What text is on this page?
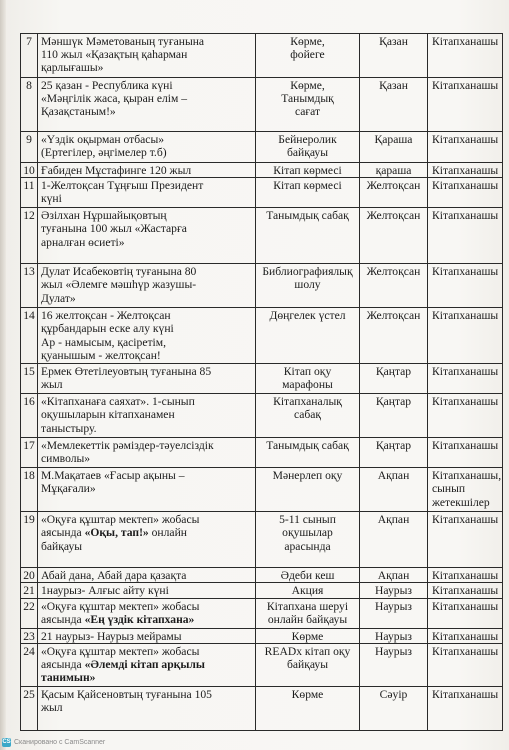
7	Мәншүк Мәметованың туғанына
110 жыл «Қазақтың қаһарман
қарлығашы»	Көрме,
фойеге	Қазан	Кітапханашы

8	25 қазан - Республика күні
«Мәңгілік жаса, қыран елім –
Қазақстаным!»	Көрме,
Танымдық
сағат	Қазан	Кітапханашы

9	«Үздік оқырман отбасы»
(Ертегілер, әңгімелер т.б)	Бейнеролик
байқауы	Қараша	Кітапханашы

10	Ғабиден Мұстафинге 120 жыл	Кітап көрмесі	қараша	Кітапханашы

11	1-Желтоқсан Тұңғыш Президент
күні	Кітап көрмесі	Желтоқсан	Кітапханашы

12	Әзілхан Нұршайықовтың
туғанына 100 жыл «Жастарға
арналған өсиеті»	Танымдық сабақ	Желтоқсан	Кітапханашы

13	Дулат Исабековтің туғанына 80
жыл «Әлемге мәшһүр жазушы-
Дулат»	Библиографиялық
шолу	Желтоқсан	Кітапханашы

14	16 желтоқсан - Желтоқсан
құрбандарын еске алу күні
Ар - намысым, қасіретім,
қуанышым - желтоқсан!	Дөңгелек үстел	Желтоқсан	Кітапханашы

15	Ермек Өтетілеуовтың туғанына 85
жыл	Кітап оқу
марафоны	Қаңтар	Кітапханашы

16	«Кітапханаға саяхат». 1-сынып
оқушыларын кітапханамен
таныстыру.	Кітапханалық
сабақ	Қаңтар	Кітапханашы

17	«Мемлекеттік рәміздер-тәуелсіздік
символы»	Танымдық сабақ	Қаңтар	Кітапханашы

18	М.Мақатаев «Ғасыр ақыны –
Мұқағали»	Мәнерлеп оқу	Ақпан	Кітапханашы,
сынып
жетекшілер

19	«Оқуға құштар мектеп» жобасы
аясында «Оқы, тап!» онлайн
байқауы	5-11 сынып
оқушылар
арасында	Ақпан	Кітапханашы

20	Абай дана, Абай дара қазақта	Әдеби кеш	Ақпан	Кітапханашы

21	1наурыз- Алғыс айту күні	Акция	Наурыз	Кітапханашы

22	«Оқуға құштар мектеп» жобасы
аясында «Ең үздік кітапхана»	Кітапхана шеруі
онлайн байқауы	Наурыз	Кітапханашы

23	21 наурыз- Наурыз мейрамы	Көрме	Наурыз	Кітапханашы

24	«Оқуға құштар мектеп» жобасы
аясында «Әлемді кітап арқылы
танимын»	READх кітап оқу
байқауы	Наурыз	Кітапханашы

25	Қасым Қайсеновтың туғанына 105
жыл	Көрме	Сәуір	Кітапханашы
CS Сканировано с CamScanner
